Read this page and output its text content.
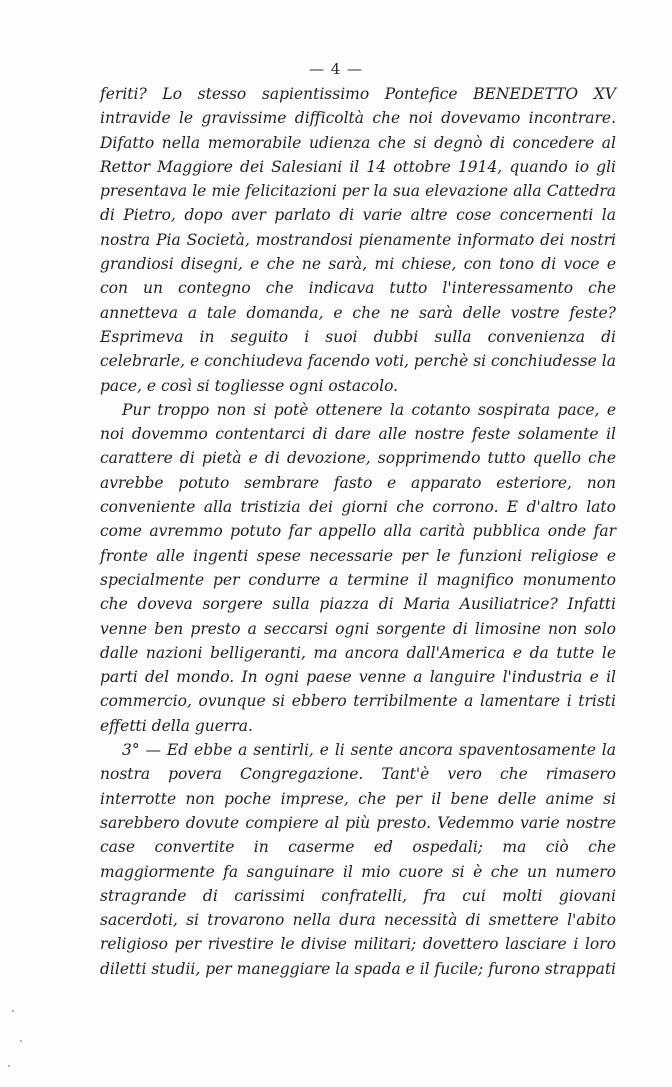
— 4 —

feriti? Lo stesso sapientissimo Pontefice BENEDETTO XV intravide le gravissime difficoltà che noi dovevamo incontrare. Difatto nella memorabile udienza che si degnò di concedere al Rettor Maggiore dei Salesiani il 14 ottobre 1914, quando io gli presentava le mie felicitazioni per la sua elevazione alla Cattedra di Pietro, dopo aver parlato di varie altre cose concernenti la nostra Pia Società, mostrandosi pienamente informato dei nostri grandiosi disegni, e che ne sarà, mi chiese, con tono di voce e con un contegno che indicava tutto l'interessamento che annetteva a tale domanda, e che ne sarà delle vostre feste? Esprimeva in seguito i suoi dubbi sulla convenienza di celebrarle, e conchiudeva facendo voti, perchè si conchiudesse la pace, e così si togliesse ogni ostacolo.

Pur troppo non si potè ottenere la cotanto sospirata pace, e noi dovemmo contentarci di dare alle nostre feste solamente il carattere di pietà e di devozione, sopprimendo tutto quello che avrebbe potuto sembrare fasto e apparato esteriore, non conveniente alla tristizia dei giorni che corrono. E d'altro lato come avremmo potuto far appello alla carità pubblica onde far fronte alle ingenti spese necessarie per le funzioni religiose e specialmente per condurre a termine il magnifico monumento che doveva sorgere sulla piazza di Maria Ausiliatrice? Infatti venne ben presto a seccarsi ogni sorgente di limosine non solo dalle nazioni belligeranti, ma ancora dall'America e da tutte le parti del mondo. In ogni paese venne a languire l'industria e il commercio, ovunque si ebbero terribilmente a lamentare i tristi effetti della guerra.

3° — Ed ebbe a sentirli, e li sente ancora spaventosamente la nostra povera Congregazione. Tant'è vero che rimasero interrotte non poche imprese, che per il bene delle anime si sarebbero dovute compiere al più presto. Vedemmo varie nostre case convertite in caserme ed ospedali; ma ciò che maggiormente fa sanguinare il mio cuore si è che un numero stragrande di carissimi confratelli, fra cui molti giovani sacerdoti, si trovarono nella dura necessità di smettere l'abito religioso per rivestire le divise militari; dovettero lasciare i loro diletti studii, per maneggiare la spada e il fucile; furono strappati
